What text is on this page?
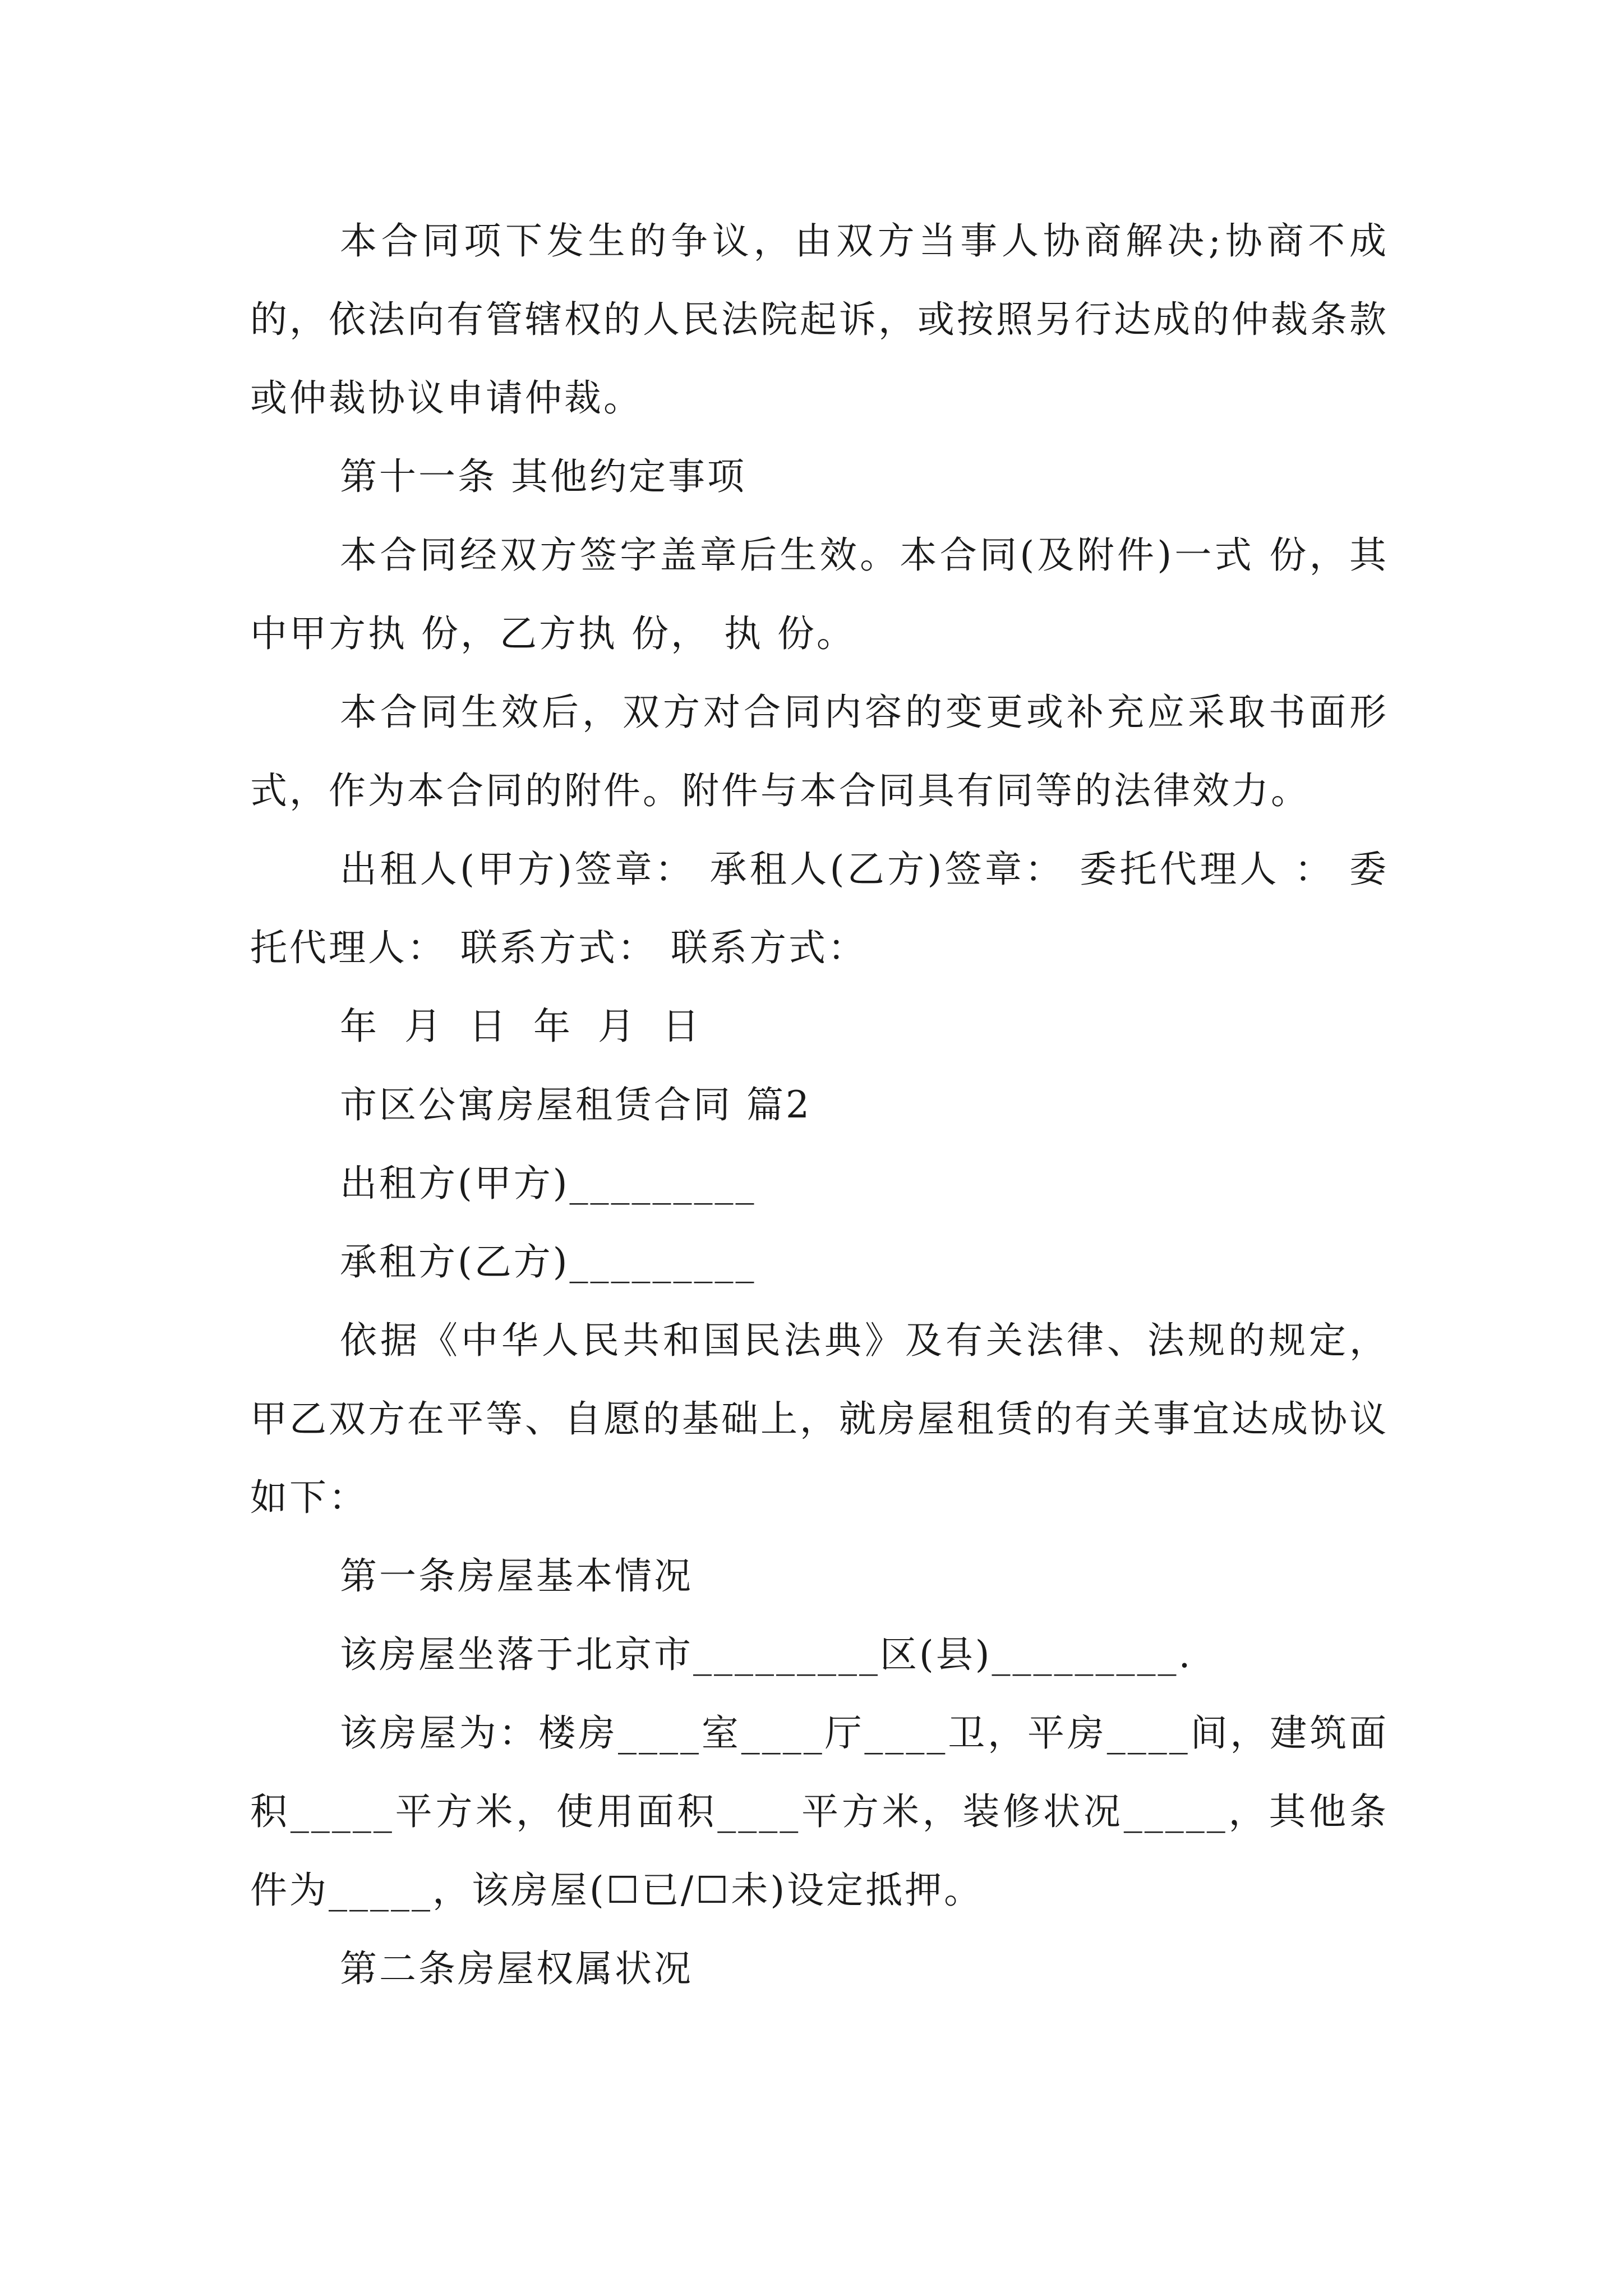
本合同项下发生的争议，由双方当事人协商解决;协商不成的，依法向有管辖权的人民法院起诉，或按照另行达成的仲裁条款或仲裁协议申请仲裁。

第十一条 其他约定事项

本合同经双方签字盖章后生效。本合同(及附件)一式 份，其中甲方执 份，乙方执 份， 执 份。

本合同生效后，双方对合同内容的变更或补充应采取书面形式，作为本合同的附件。附件与本合同具有同等的法律效力。

出租人(甲方)签章： 承租人(乙方)签章： 委托代理人 ： 委托代理人： 联系方式： 联系方式：

年 月 日 年 月 日

市区公寓房屋租赁合同 篇2

出租方(甲方)_________

承租方(乙方)_________

依据《中华人民共和国民法典》及有关法律、法规的规定，甲乙双方在平等、自愿的基础上，就房屋租赁的有关事宜达成协议如下：

第一条房屋基本情况

该房屋坐落于北京市_________区(县)_________.

该房屋为：楼房____室____厅____卫，平房____间，建筑面积_____平方米，使用面积____平方米，装修状况_____，其他条件为_____，该房屋(☐已/☐未)设定抵押。

第二条房屋权属状况
